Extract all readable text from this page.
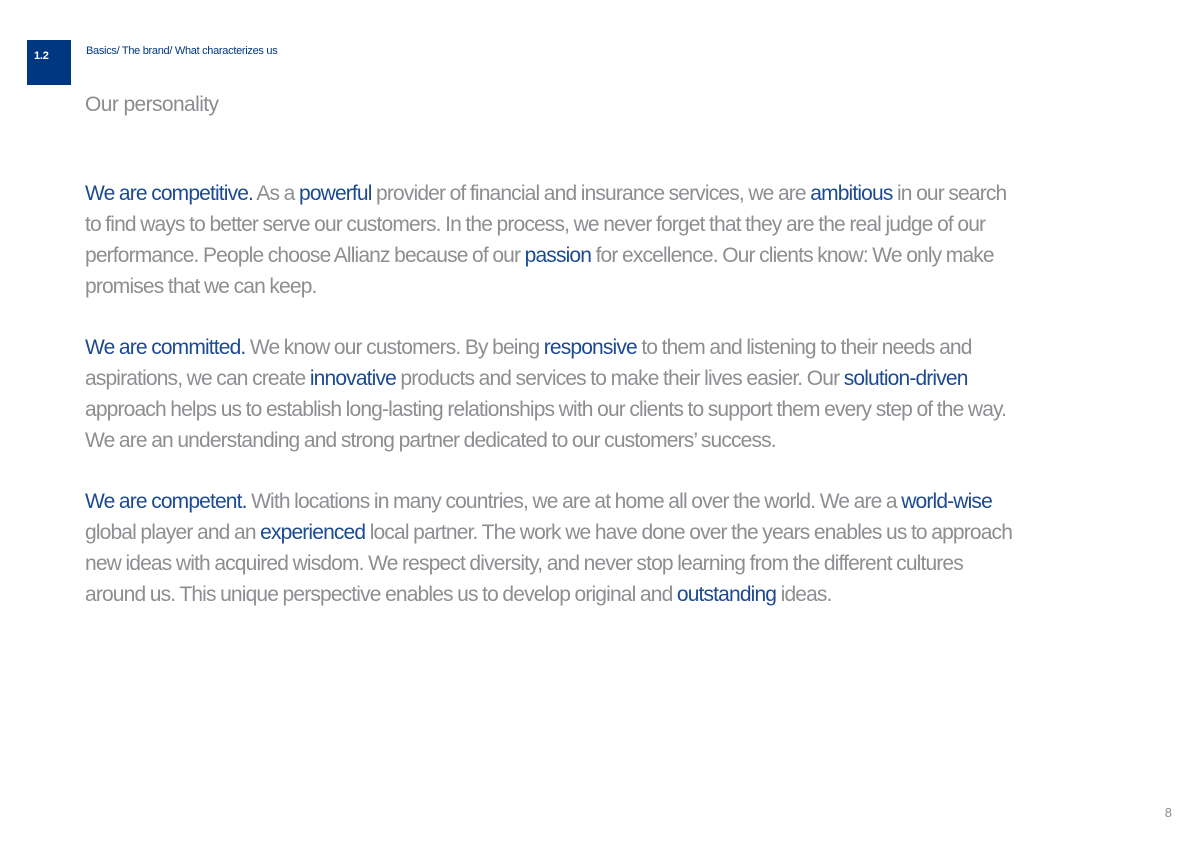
1.2	Basics/ The brand/ What characterizes us
Our personality

We are competitive. As a powerful provider of financial and insurance services, we are ambitious in our search to find ways to better serve our customers. In the process, we never forget that they are the real judge of our performance. People choose Allianz because of our passion for excellence. Our clients know: We only make promises that we can keep.

We are committed. We know our customers. By being responsive to them and listening to their needs and aspirations, we can create innovative products and services to make their lives easier. Our solution-driven approach helps us to establish long-lasting relationships with our clients to support them every step of the way. We are an understanding and strong partner dedicated to our customers’ success.

We are competent. With locations in many countries, we are at home all over the world. We are a world-wise global player and an experienced local partner. The work we have done over the years enables us to approach new ideas with acquired wisdom. We respect diversity, and never stop learning from the different cultures around us. This unique perspective enables us to develop original and outstanding ideas.

8
